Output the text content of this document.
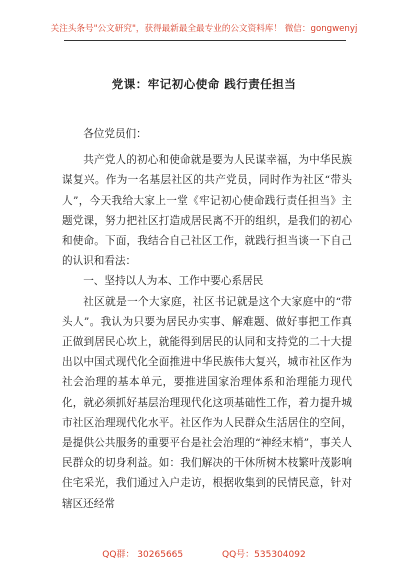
关注头条号"公文研究"，获得最新最全最专业的公文资料库！ 微信：gongwenyj
党课：牢记初心使命 践行责任担当

各位党员们：

共产党人的初心和使命就是要为人民谋幸福，为中华民族谋复兴。作为一名基层社区的共产党员，同时作为社区“带头人”，今天我给大家上一堂《牢记初心使命践行责任担当》主题党课，努力把社区打造成居民离不开的组织，是我们的初心和使命。下面，我结合自己社区工作，就践行担当谈一下自己的认识和看法：

一、坚持以人为本、工作中要心系居民

社区就是一个大家庭，社区书记就是这个大家庭中的“带头人”。我认为只要为居民办实事、解难题、做好事把工作真正做到居民心坎上，就能得到居民的认同和支持党的二十大提出以中国式现代化全面推进中华民族伟大复兴，城市社区作为社会治理的基本单元，要推进国家治理体系和治理能力现代化，就必须抓好基层治理现代化这项基础性工作，着力提升城市社区治理现代化水平。社区作为人民群众生活居住的空间，是提供公共服务的重要平台是社会治理的“神经末梢”，事关人民群众的切身利益。如：我们解决的干休所树木枝繁叶茂影响住宅采光，我们通过入户走访，根据收集到的民情民意，针对辖区还经常

QQ群： 30265665	QQ号：535304092
